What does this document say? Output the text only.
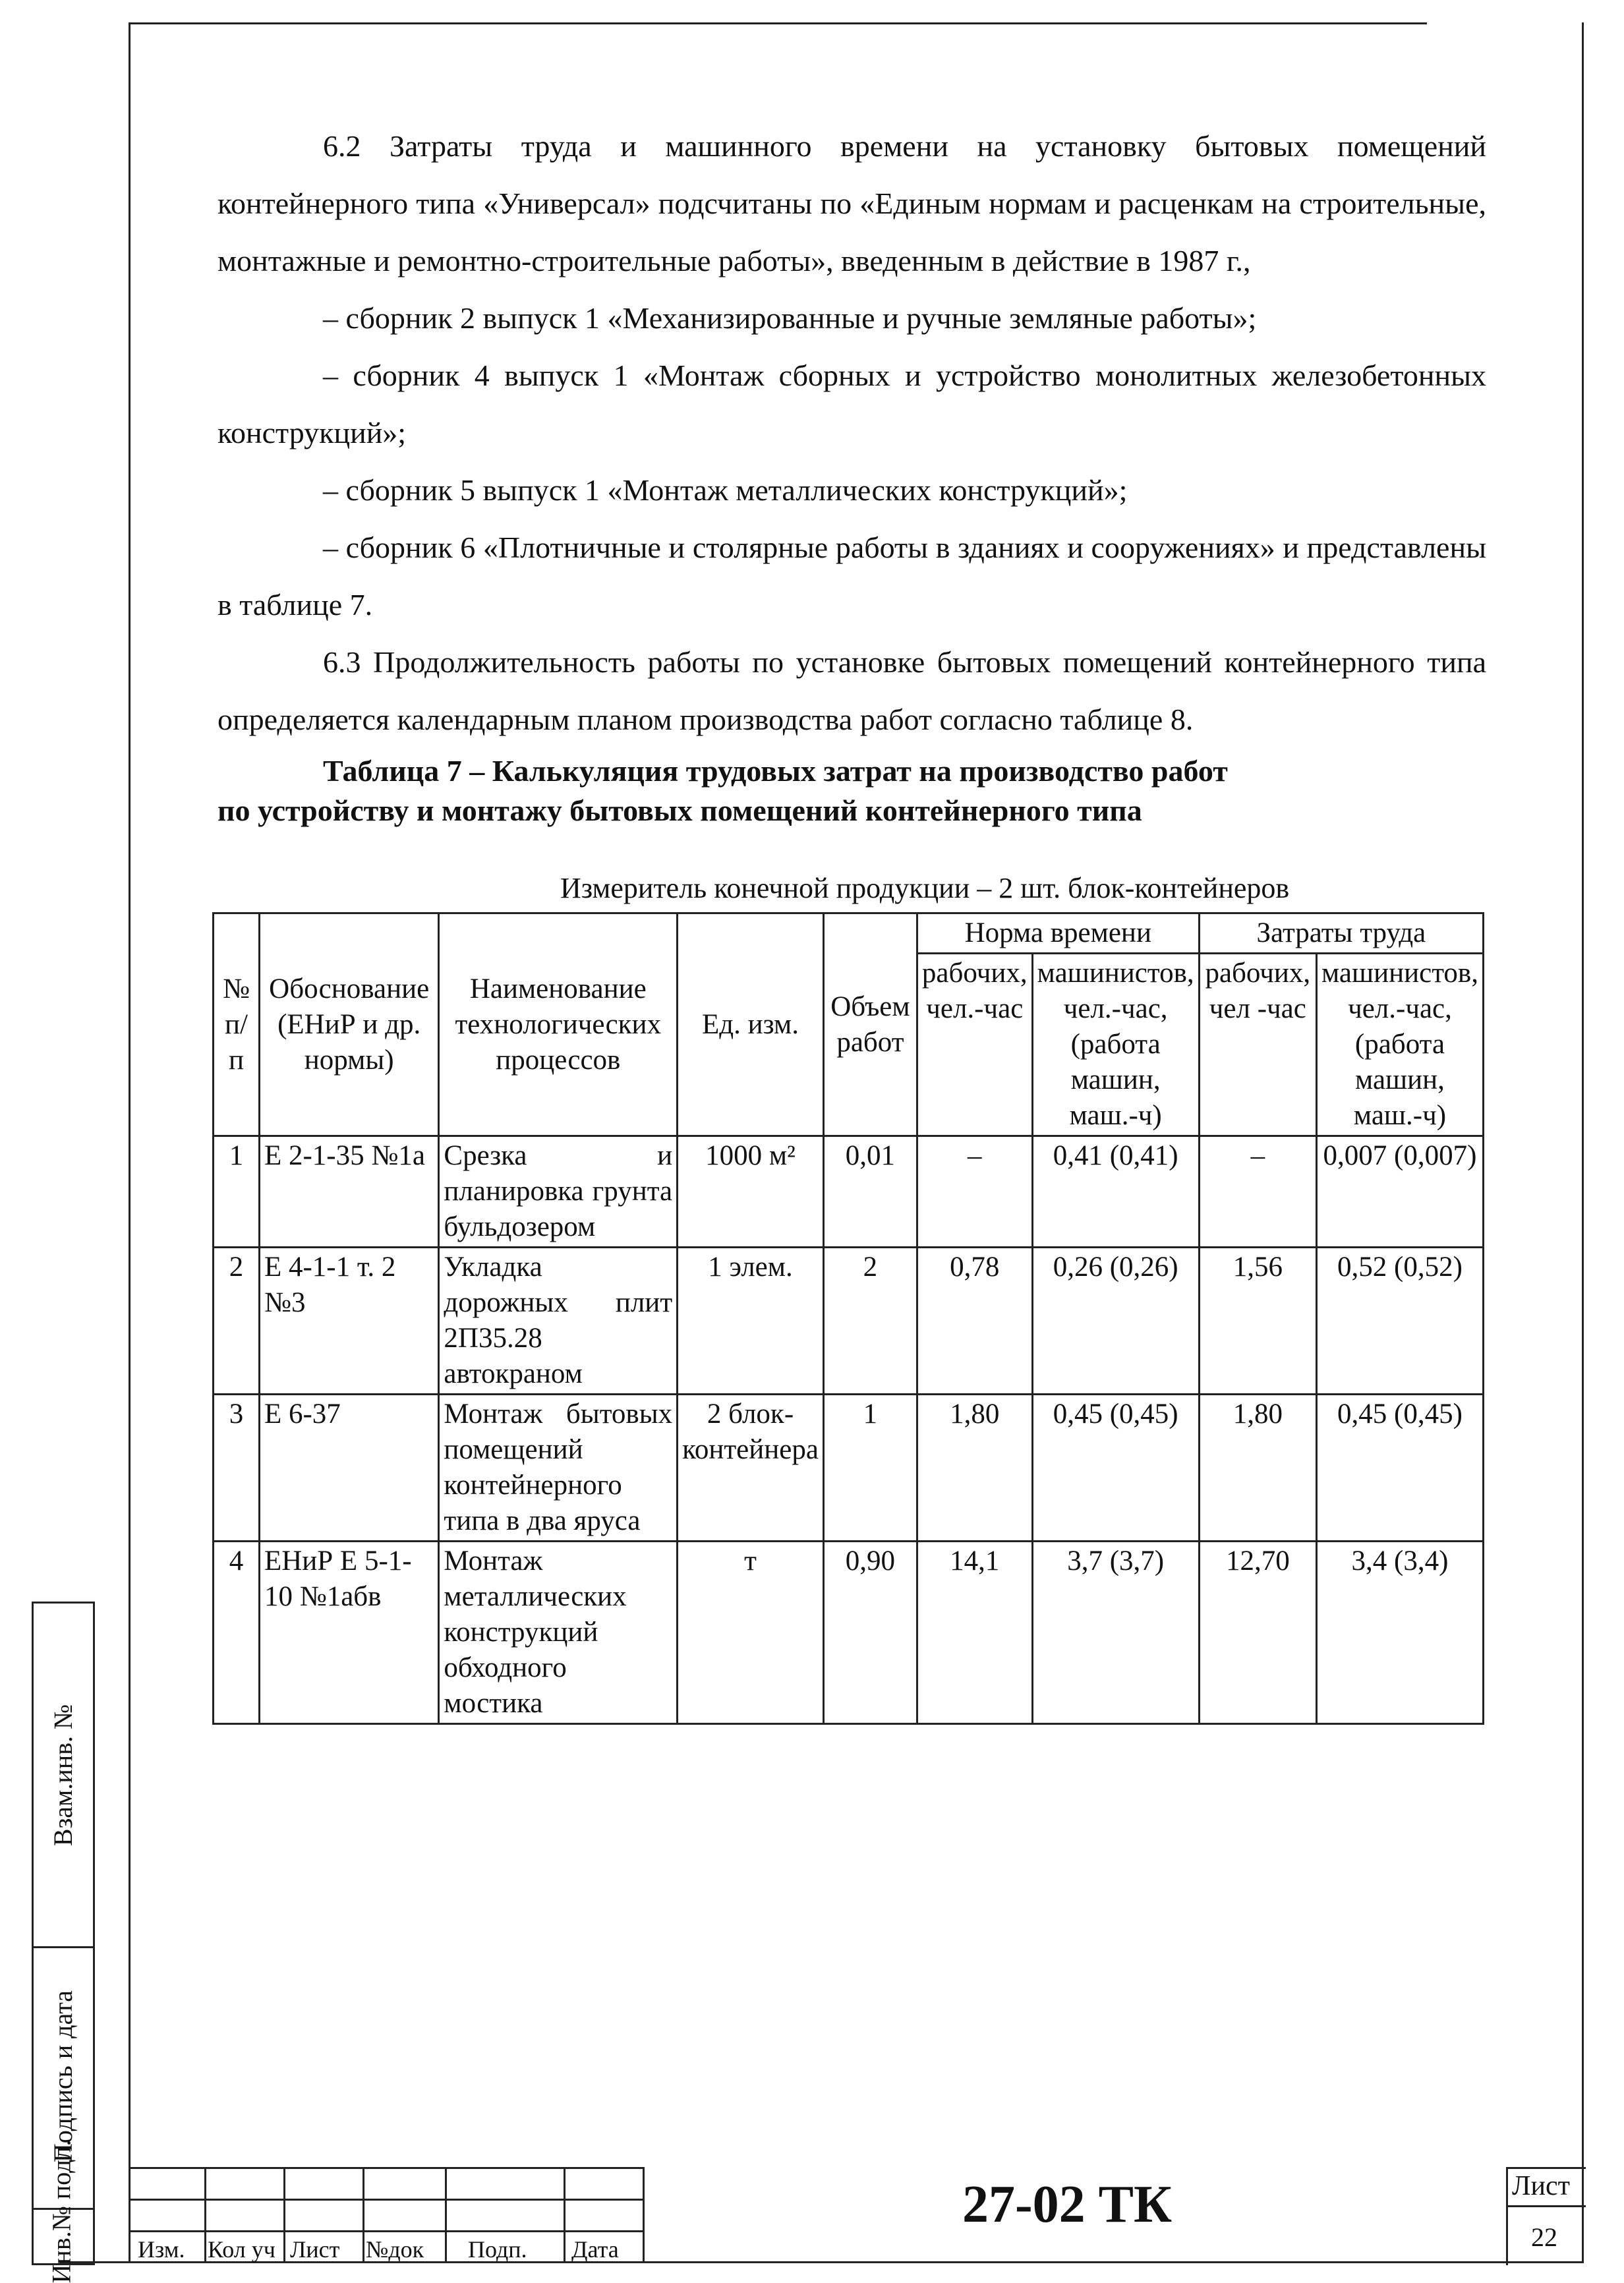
6.2 Затраты труда и машинного времени на установку бытовых помещений контейнерного типа «Универсал» подсчитаны по «Единым нормам и расценкам на строительные, монтажные и ремонтно-строительные работы», введенным в действие в 1987 г.,

– сборник 2 выпуск 1 «Механизированные и ручные земляные работы»;

– сборник 4 выпуск 1 «Монтаж сборных и устройство монолитных железобетонных конструкций»;

– сборник 5 выпуск 1 «Монтаж металлических конструкций»;

– сборник 6 «Плотничные и столярные работы в зданиях и сооружениях» и представлены в таблице 7.

6.3 Продолжительность работы по установке бытовых помещений контейнерного типа определяется календарным планом производства работ согласно таблице 8.

Таблица 7 – Калькуляция трудовых затрат на производство работ
по устройству и монтажу бытовых помещений контейнерного типа
Измеритель конечной продукции – 2 шт. блок-контейнеров
№ п/п	Обоснование (ЕНиР и др. нормы)	Наименование технологических процессов	Ед. изм.	Объем работ	Норма времени		Затраты труда	
					рабочих, чел.-час	машинистов, чел.-час, (работа машин, маш.-ч)	рабочих, чел -час	машинистов, чел.-час, (работа машин, маш.-ч)
1	Е 2-1-35 №1а	Срезка и планировка грунта бульдозером	1000 м²	0,01	–	0,41 (0,41)	–	0,007 (0,007)
2	Е 4-1-1 т. 2 №3	Укладка дорожных плит 2П35.28 автокраном	1 элем.	2	0,78	0,26 (0,26)	1,56	0,52 (0,52)
3	Е 6-37	Монтаж бытовых помещений контейнерного типа в два яруса	2 блок-контейнера	1	1,80	0,45 (0,45)	1,80	0,45 (0,45)
4	ЕНиР Е 5-1-10 №1абв	Монтаж металлических конструкций обходного мостика	т	0,90	14,1	3,7 (3,7)	12,70	3,4 (3,4)
Взам.инв. №
Подпись и дата
Инв.№ подл.	Изм. Кол уч Лист №док Подп. Дата
27-02 ТК	Лист
22
